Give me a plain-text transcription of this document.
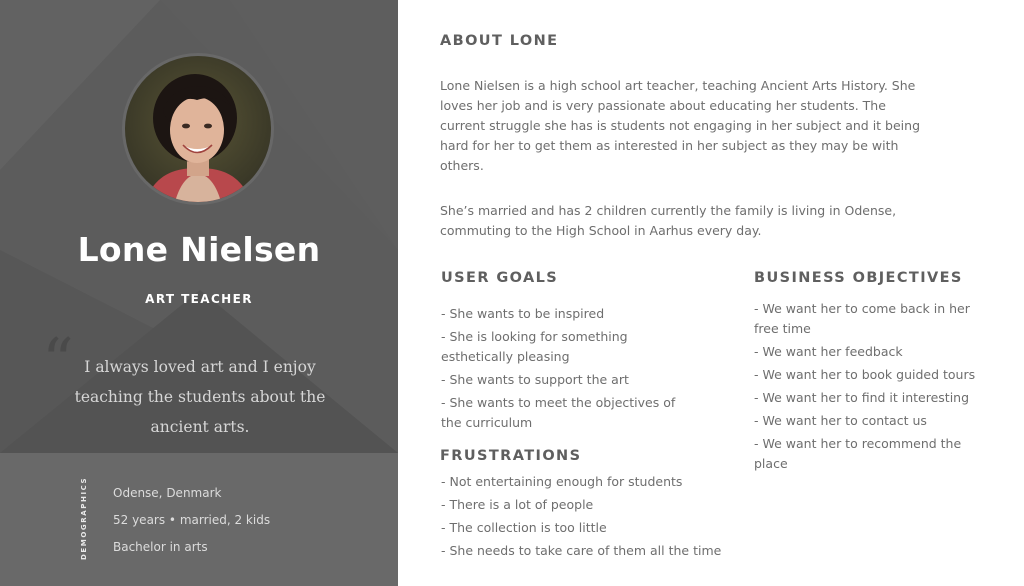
Lone Nielsen
ART TEACHER
“ I always loved art and I enjoy teaching the students about the ancient arts.
DEMOGRAPHICS Odense, Denmark
52 years • married, 2 kids
Bachelor in arts
ABOUT LONE
Lone Nielsen is a high school art teacher, teaching Ancient Arts History. She loves her job and is very passionate about educating her students. The current struggle she has is students not engaging in her subject and it being hard for her to get them as interested in her subject as they may be with others.
She’s married and has 2 children currently the family is living in Odense, commuting to the High School in Aarhus every day.
USER GOALS
- She wants to be inspired
- She is looking for something esthetically pleasing
- She wants to support the art
- She wants to meet the objectives of the curriculum
FRUSTRATIONS
- Not entertaining enough for students
- There is a lot of people
- The collection is too little
- She needs to take care of them all the time
BUSINESS OBJECTIVES
- We want her to come back in her free time
- We want her feedback
- We want her to book guided tours
- We want her to find it interesting
- We want her to contact us
- We want her to recommend the place
